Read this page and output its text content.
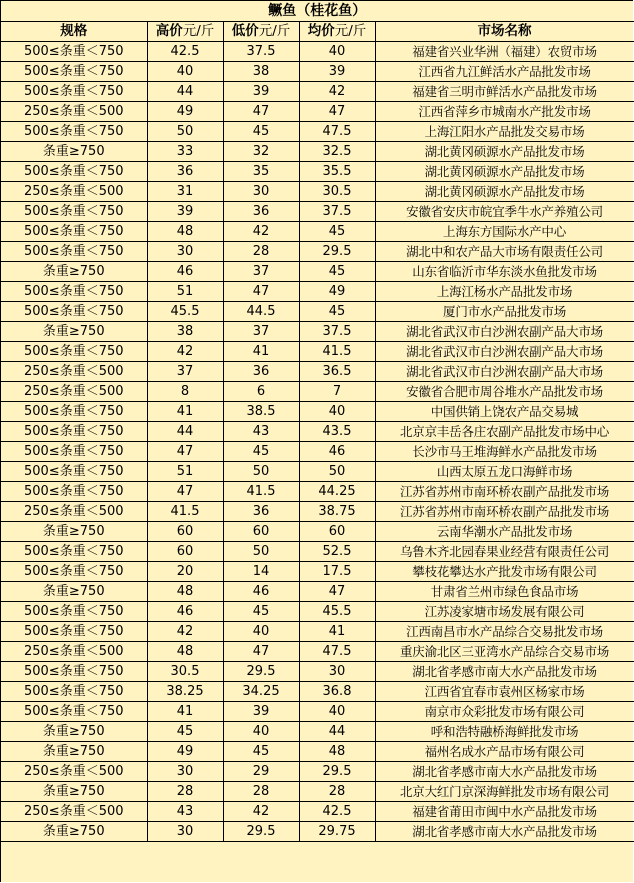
鳜鱼（桂花鱼）				
规格	高价元/斤	低价元/斤	均价元/斤	市场名称
500≤条重＜750	42.5	37.5	40	福建省兴业华洲（福建）农贸市场
500≤条重＜750	40	38	39	江西省九江鲜活水产品批发市场
500≤条重＜750	44	39	42	福建省三明市鲜活水产品批发市场
250≤条重＜500	49	47	47	江西省萍乡市城南水产批发市场
500≤条重＜750	50	45	47.5	上海江阳水产品批发交易市场
条重≥750	33	32	32.5	湖北黄冈硕源水产品批发市场
500≤条重＜750	36	35	35.5	湖北黄冈硕源水产品批发市场
250≤条重＜500	31	30	30.5	湖北黄冈硕源水产品批发市场
500≤条重＜750	39	36	37.5	安徽省安庆市皖宜季牛水产养殖公司
500≤条重＜750	48	42	45	上海东方国际水产中心
500≤条重＜750	30	28	29.5	湖北中和农产品大市场有限责任公司
条重≥750	46	37	45	山东省临沂市华东淡水鱼批发市场
500≤条重＜750	51	47	49	上海江杨水产品批发市场
500≤条重＜750	45.5	44.5	45	厦门市水产品批发市场
条重≥750	38	37	37.5	湖北省武汉市白沙洲农副产品大市场
500≤条重＜750	42	41	41.5	湖北省武汉市白沙洲农副产品大市场
250≤条重＜500	37	36	36.5	湖北省武汉市白沙洲农副产品大市场
250≤条重＜500	8	6	7	安徽省合肥市周谷堆水产品批发市场
500≤条重＜750	41	38.5	40	中国供销上饶农产品交易城
500≤条重＜750	44	43	43.5	北京京丰岳各庄农副产品批发市场中心
500≤条重＜750	47	45	46	长沙市马王堆海鲜水产品批发市场
500≤条重＜750	51	50	50	山西太原五龙口海鲜市场
500≤条重＜750	47	41.5	44.25	江苏省苏州市南环桥农副产品批发市场
250≤条重＜500	41.5	36	38.75	江苏省苏州市南环桥农副产品批发市场
条重≥750	60	60	60	云南华潮水产品批发市场
500≤条重＜750	60	50	52.5	乌鲁木齐北园春果业经营有限责任公司
500≤条重＜750	20	14	17.5	攀枝花攀达水产批发市场有限公司
条重≥750	48	46	47	甘肃省兰州市绿色食品市场
500≤条重＜750	46	45	45.5	江苏凌家塘市场发展有限公司
500≤条重＜750	42	40	41	江西南昌市水产品综合交易批发市场
250≤条重＜500	48	47	47.5	重庆渝北区三亚湾水产品综合交易市场
500≤条重＜750	30.5	29.5	30	湖北省孝感市南大水产品批发市场
500≤条重＜750	38.25	34.25	36.8	江西省宜春市袁州区杨家市场
500≤条重＜750	41	39	40	南京市众彩批发市场有限公司
条重≥750	45	40	44	呼和浩特融桥海鲜批发市场
条重≥750	49	45	48	福州名成水产品市场有限公司
250≤条重＜500	30	29	29.5	湖北省孝感市南大水产品批发市场
条重≥750	28	28	28	北京大红门京深海鲜批发市场有限公司
250≤条重＜500	43	42	42.5	福建省莆田市闽中水产品批发市场
条重≥750	30	29.5	29.75	湖北省孝感市南大水产品批发市场
